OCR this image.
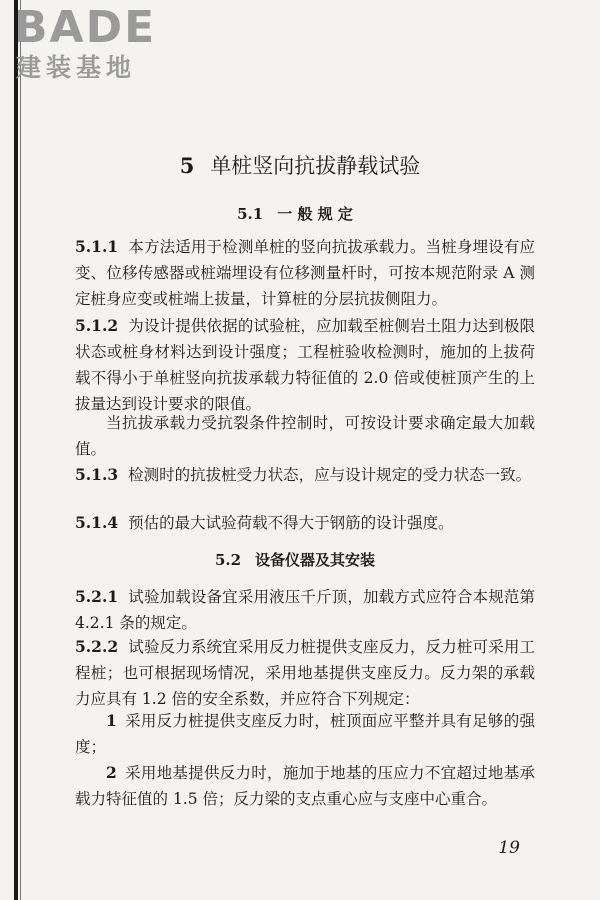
BADE
建装基地
5 单桩竖向抗拔静载试验
5.1 一 般 规 定

5.1.1 本方法适用于检测单桩的竖向抗拔承载力。当桩身埋设有应变、位移传感器或桩端埋设有位移测量杆时，可按本规范附录 A 测定桩身应变或桩端上拔量，计算桩的分层抗拔侧阻力。

5.1.2 为设计提供依据的试验桩，应加载至桩侧岩土阻力达到极限状态或桩身材料达到设计强度；工程桩验收检测时，施加的上拔荷载不得小于单桩竖向抗拔承载力特征值的 2.0 倍或使桩顶产生的上拔量达到设计要求的限值。

当抗拔承载力受抗裂条件控制时，可按设计要求确定最大加载值。

5.1.3 检测时的抗拔桩受力状态，应与设计规定的受力状态一致。

5.1.4 预估的最大试验荷载不得大于钢筋的设计强度。

5.2 设备仪器及其安装

5.2.1 试验加载设备宜采用液压千斤顶，加载方式应符合本规范第 4.2.1 条的规定。

5.2.2 试验反力系统宜采用反力桩提供支座反力，反力桩可采用工程桩；也可根据现场情况，采用地基提供支座反力。反力架的承载力应具有 1.2 倍的安全系数，并应符合下列规定：

1 采用反力桩提供支座反力时，桩顶面应平整并具有足够的强度；

2 采用地基提供反力时，施加于地基的压应力不宜超过地基承载力特征值的 1.5 倍；反力梁的支点重心应与支座中心重合。

19
